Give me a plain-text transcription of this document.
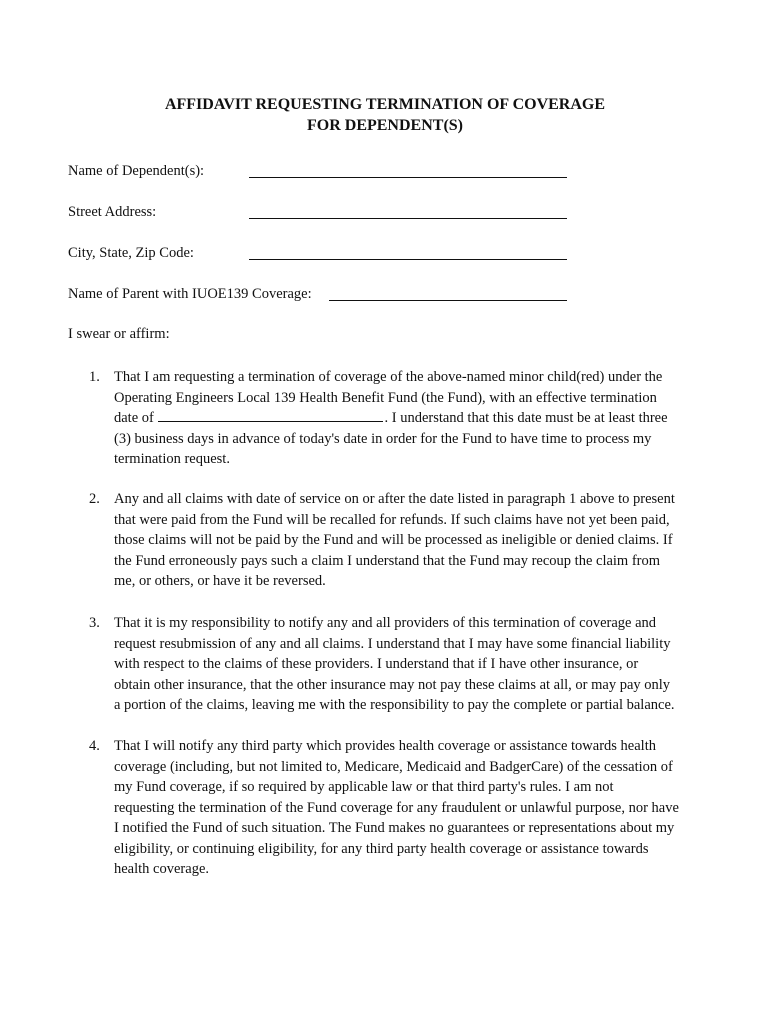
AFFIDAVIT REQUESTING TERMINATION OF COVERAGE
FOR DEPENDENT(S)
Name of Dependent(s):
Street Address:
City, State, Zip Code:
Name of Parent with IUOE139 Coverage:
I swear or affirm:
1. That I am requesting a termination of coverage of the above-named minor child(red) under the
Operating Engineers Local 139 Health Benefit Fund (the Fund), with an effective termination
date of	. I understand that this date must be at least three
(3) business days in advance of today's date in order for the Fund to have time to process my
termination request.
2. Any and all claims with date of service on or after the date listed in paragraph 1 above to present
that were paid from the Fund will be recalled for refunds. If such claims have not yet been paid,
those claims will not be paid by the Fund and will be processed as ineligible or denied claims. If
the Fund erroneously pays such a claim I understand that the Fund may recoup the claim from
me, or others, or have it be reversed.
3. That it is my responsibility to notify any and all providers of this termination of coverage and
request resubmission of any and all claims. I understand that I may have some financial liability
with respect to the claims of these providers. I understand that if I have other insurance, or
obtain other insurance, that the other insurance may not pay these claims at all, or may pay only
a portion of the claims, leaving me with the responsibility to pay the complete or partial balance.
4. That I will notify any third party which provides health coverage or assistance towards health
coverage (including, but not limited to, Medicare, Medicaid and BadgerCare) of the cessation of
my Fund coverage, if so required by applicable law or that third party's rules. I am not
requesting the termination of the Fund coverage for any fraudulent or unlawful purpose, nor have
I notified the Fund of such situation. The Fund makes no guarantees or representations about my
eligibility, or continuing eligibility, for any third party health coverage or assistance towards
health coverage.
